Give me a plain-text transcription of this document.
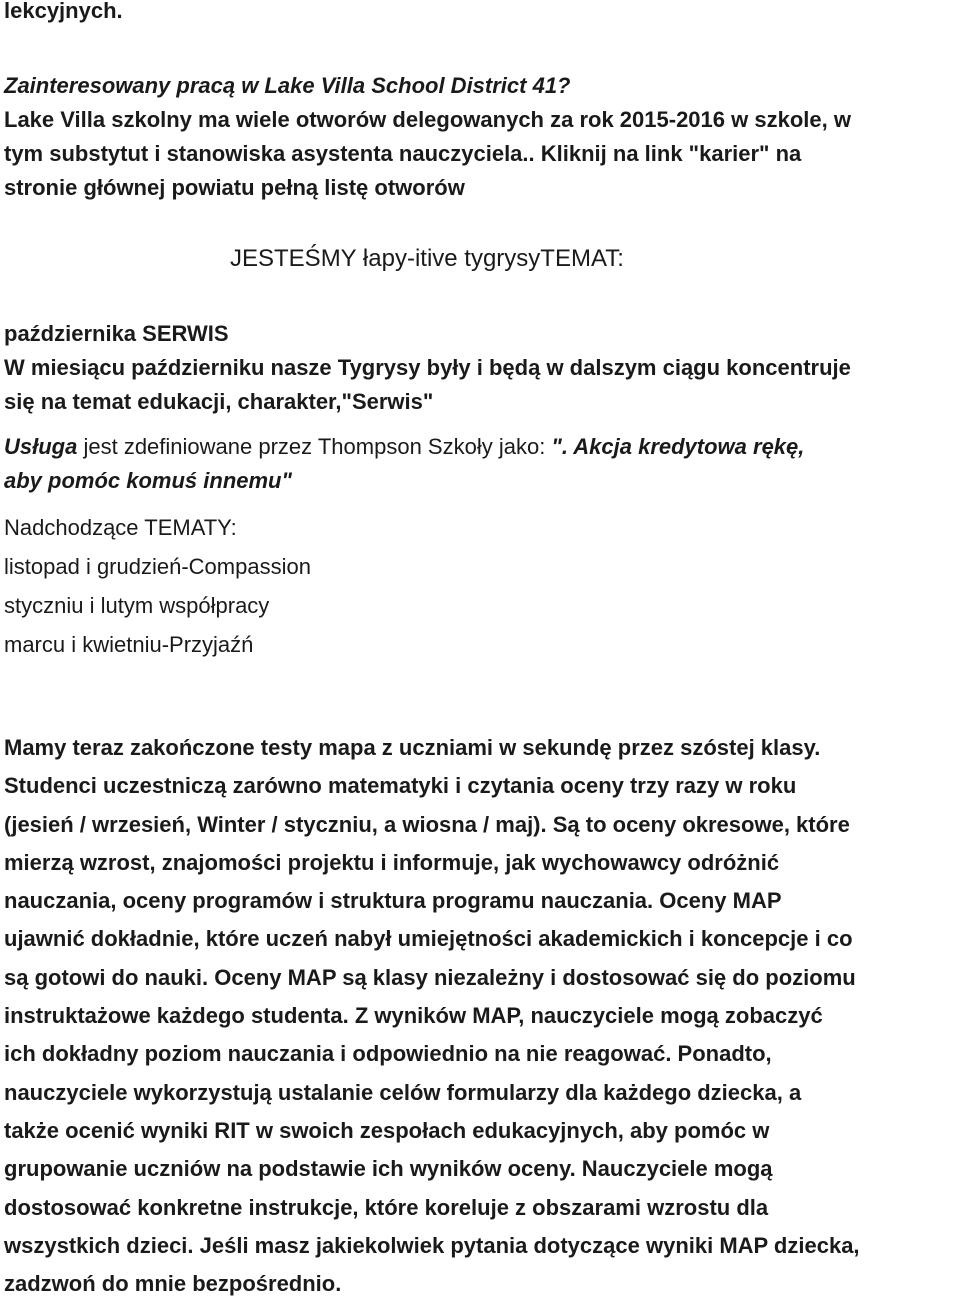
lekcyjnych.
Zainteresowany pracą w Lake Villa School District 41?
Lake Villa szkolny ma wiele otworów delegowanych za rok 2015-2016 w szkole, w
tym substytut i stanowiska asystenta nauczyciela.. Kliknij na link "karier" na
stronie głównej powiatu pełną listę otworów
JESTEŚMY łapy-itive tygrysyTEMAT:
października SERWIS
W miesiącu październiku nasze Tygrysy były i będą w dalszym ciągu koncentruje
się na temat edukacji, charakter,"Serwis"
Usługa jest zdefiniowane przez Thompson Szkoły jako: ". Akcja kredytowa rękę,
aby pomóc komuś innemu"
Nadchodzące TEMATY:
listopad i grudzień-Compassion
styczniu i lutym współpracy
marcu i kwietniu-Przyjaźń
Mamy teraz zakończone testy mapa z uczniami w sekundę przez szóstej klasy.
Studenci uczestniczą zarówno matematyki i czytania oceny trzy razy w roku
(jesień / wrzesień, Winter / styczniu, a wiosna / maj). Są to oceny okresowe, które
mierzą wzrost, znajomości projektu i informuje, jak wychowawcy odróżnić
nauczania, oceny programów i struktura programu nauczania. Oceny MAP
ujawnić dokładnie, które uczeń nabył umiejętności akademickich i koncepcje i co
są gotowi do nauki. Oceny MAP są klasy niezależny i dostosować się do poziomu
instruktażowe każdego studenta. Z wyników MAP, nauczyciele mogą zobaczyć
ich dokładny poziom nauczania i odpowiednio na nie reagować. Ponadto,
nauczyciele wykorzystują ustalanie celów formularzy dla każdego dziecka, a
także ocenić wyniki RIT w swoich zespołach edukacyjnych, aby pomóc w
grupowanie uczniów na podstawie ich wyników oceny. Nauczyciele mogą
dostosować konkretne instrukcje, które koreluje z obszarami wzrostu dla
wszystkich dzieci. Jeśli masz jakiekolwiek pytania dotyczące wyniki MAP dziecka,
zadzwoń do mnie bezpośrednio.
